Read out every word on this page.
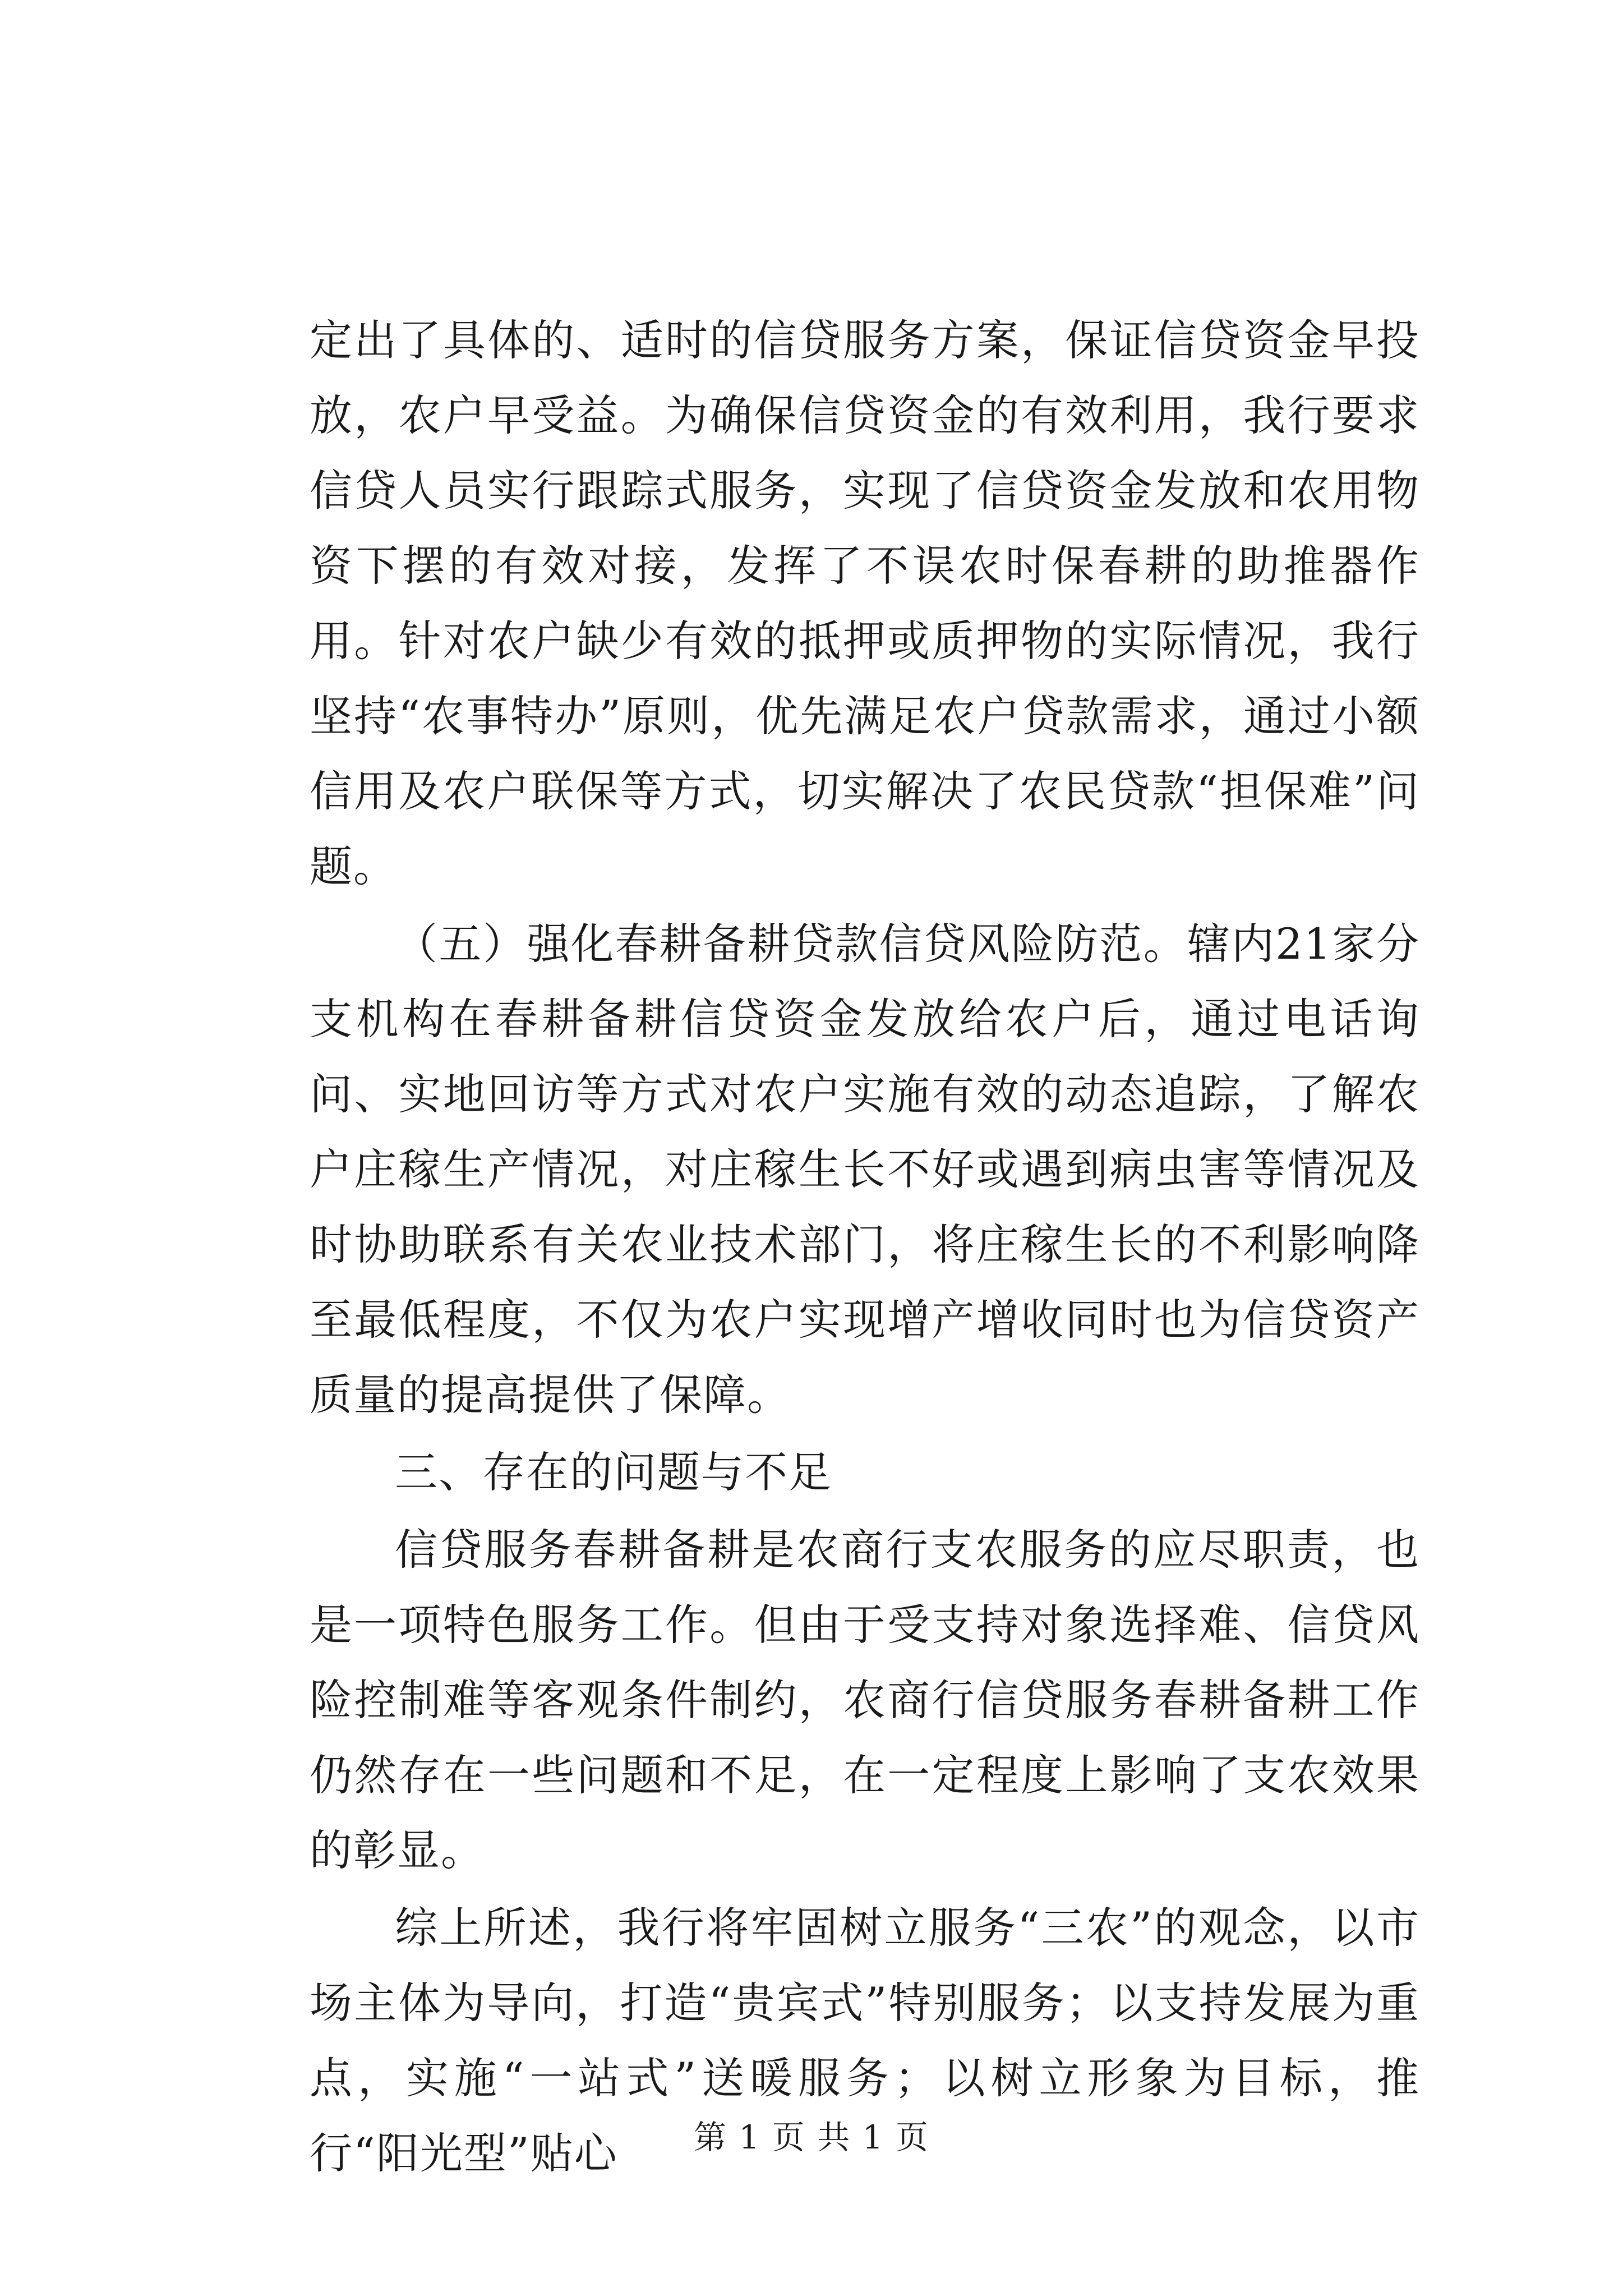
定出了具体的、适时的信贷服务方案，保证信贷资金早投放，农户早受益。为确保信贷资金的有效利用，我行要求信贷人员实行跟踪式服务，实现了信贷资金发放和农用物资下摆的有效对接，发挥了不误农时保春耕的助推器作用。针对农户缺少有效的抵押或质押物的实际情况，我行坚持“农事特办”原则，优先满足农户贷款需求，通过小额信用及农户联保等方式，切实解决了农民贷款“担保难”问题。

（五）强化春耕备耕贷款信贷风险防范。辖内21家分支机构在春耕备耕信贷资金发放给农户后，通过电话询问、实地回访等方式对农户实施有效的动态追踪，了解农户庄稼生产情况，对庄稼生长不好或遇到病虫害等情况及时协助联系有关农业技术部门，将庄稼生长的不利影响降至最低程度，不仅为农户实现增产增收同时也为信贷资产质量的提高提供了保障。

三、存在的问题与不足

信贷服务春耕备耕是农商行支农服务的应尽职责，也是一项特色服务工作。但由于受支持对象选择难、信贷风险控制难等客观条件制约，农商行信贷服务春耕备耕工作仍然存在一些问题和不足，在一定程度上影响了支农效果的彰显。

综上所述，我行将牢固树立服务“三农”的观念，以市场主体为导向，打造“贵宾式”特别服务；以支持发展为重点，实施“一站式”送暖服务；以树立形象为目标，推行“阳光型”贴心	第 1 页 共 1 页
